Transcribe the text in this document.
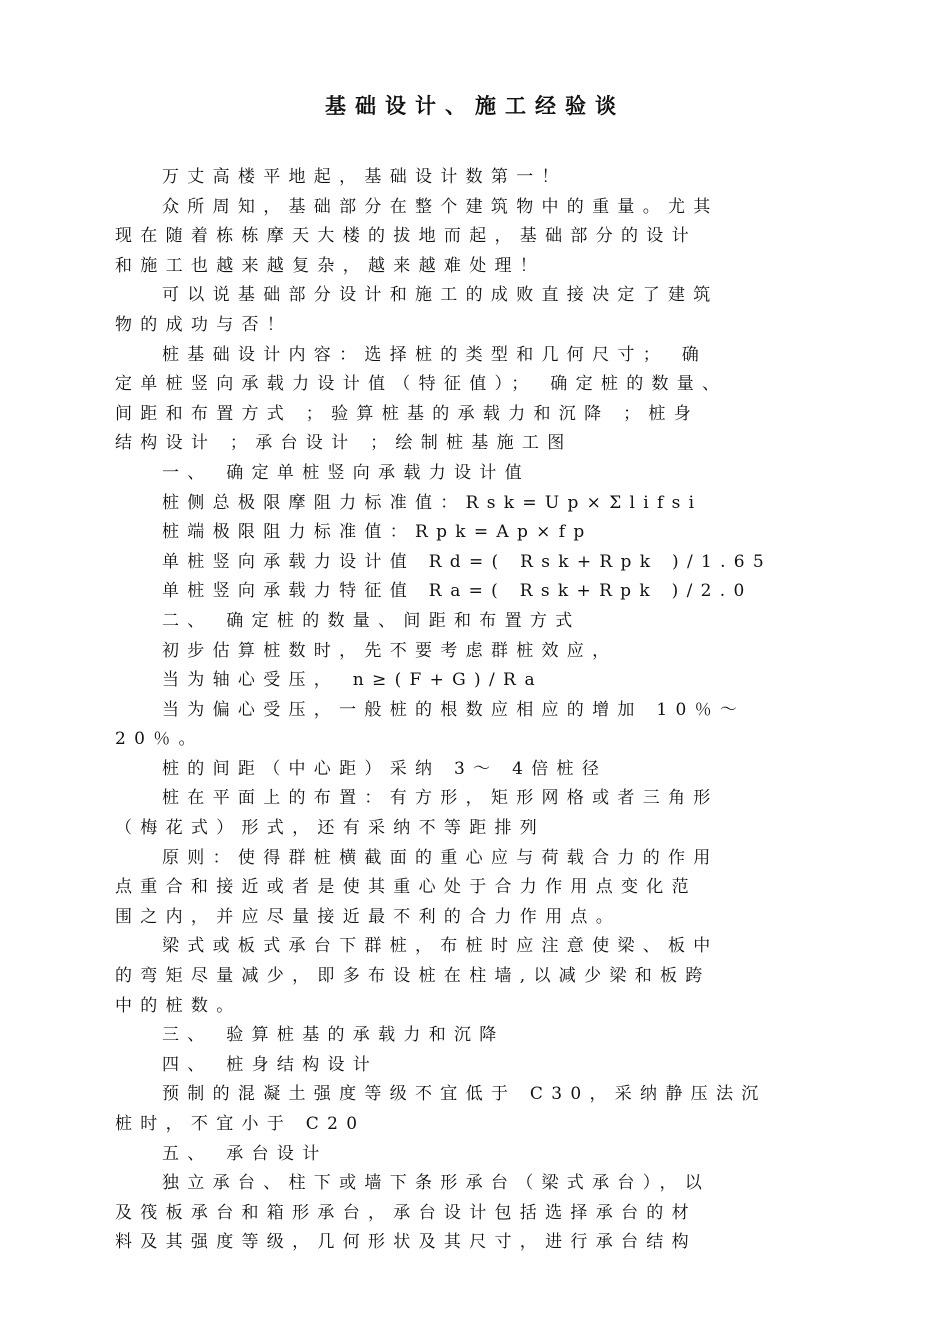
基础设计、施工经验谈
万丈高楼平地起，基础设计数第一！
众所周知，基础部分在整个建筑物中的重量。尤其
现在随着栋栋摩天大楼的拔地而起，基础部分的设计
和施工也越来越复杂，越来越难处理！
可以说基础部分设计和施工的成败直接决定了建筑
物的成功与否！
桩基础设计内容：选择桩的类型和几何尺寸； 确
定单桩竖向承载力设计值（特征值）； 确定桩的数量、
间距和布置方式 ；验算桩基的承载力和沉降 ；桩身
结构设计 ；承台设计 ；绘制桩基施工图
一、 确定单桩竖向承载力设计值
桩侧总极限摩阻力标准值：Rsk=Up×Σlifsi
桩端极限阻力标准值：Rpk=Ap×fp
单桩竖向承载力设计值 Rd=( Rsk+Rpk )/1.65
单桩竖向承载力特征值 Ra=( Rsk+Rpk )/2.0
二、 确定桩的数量、间距和布置方式
初步估算桩数时，先不要考虑群桩效应，
当为轴心受压， n≥(F+G)/Ra
当为偏心受压，一般桩的根数应相应的增加 10％～
20％。
桩的间距（中心距）采纳 3～ 4倍桩径
桩在平面上的布置：有方形，矩形网格或者三角形
（梅花式）形式，还有采纳不等距排列
原则：使得群桩横截面的重心应与荷载合力的作用
点重合和接近或者是使其重心处于合力作用点变化范
围之内，并应尽量接近最不利的合力作用点。
梁式或板式承台下群桩，布桩时应注意使梁、板中
的弯矩尽量减少，即多布设桩在柱墙,以减少梁和板跨
中的桩数。
三、 验算桩基的承载力和沉降
四、 桩身结构设计
预制的混凝土强度等级不宜低于 C30，采纳静压法沉
桩时，不宜小于 C20
五、 承台设计
独立承台、柱下或墙下条形承台（梁式承台），以
及筏板承台和箱形承台，承台设计包括选择承台的材
料及其强度等级，几何形状及其尺寸，进行承台结构
